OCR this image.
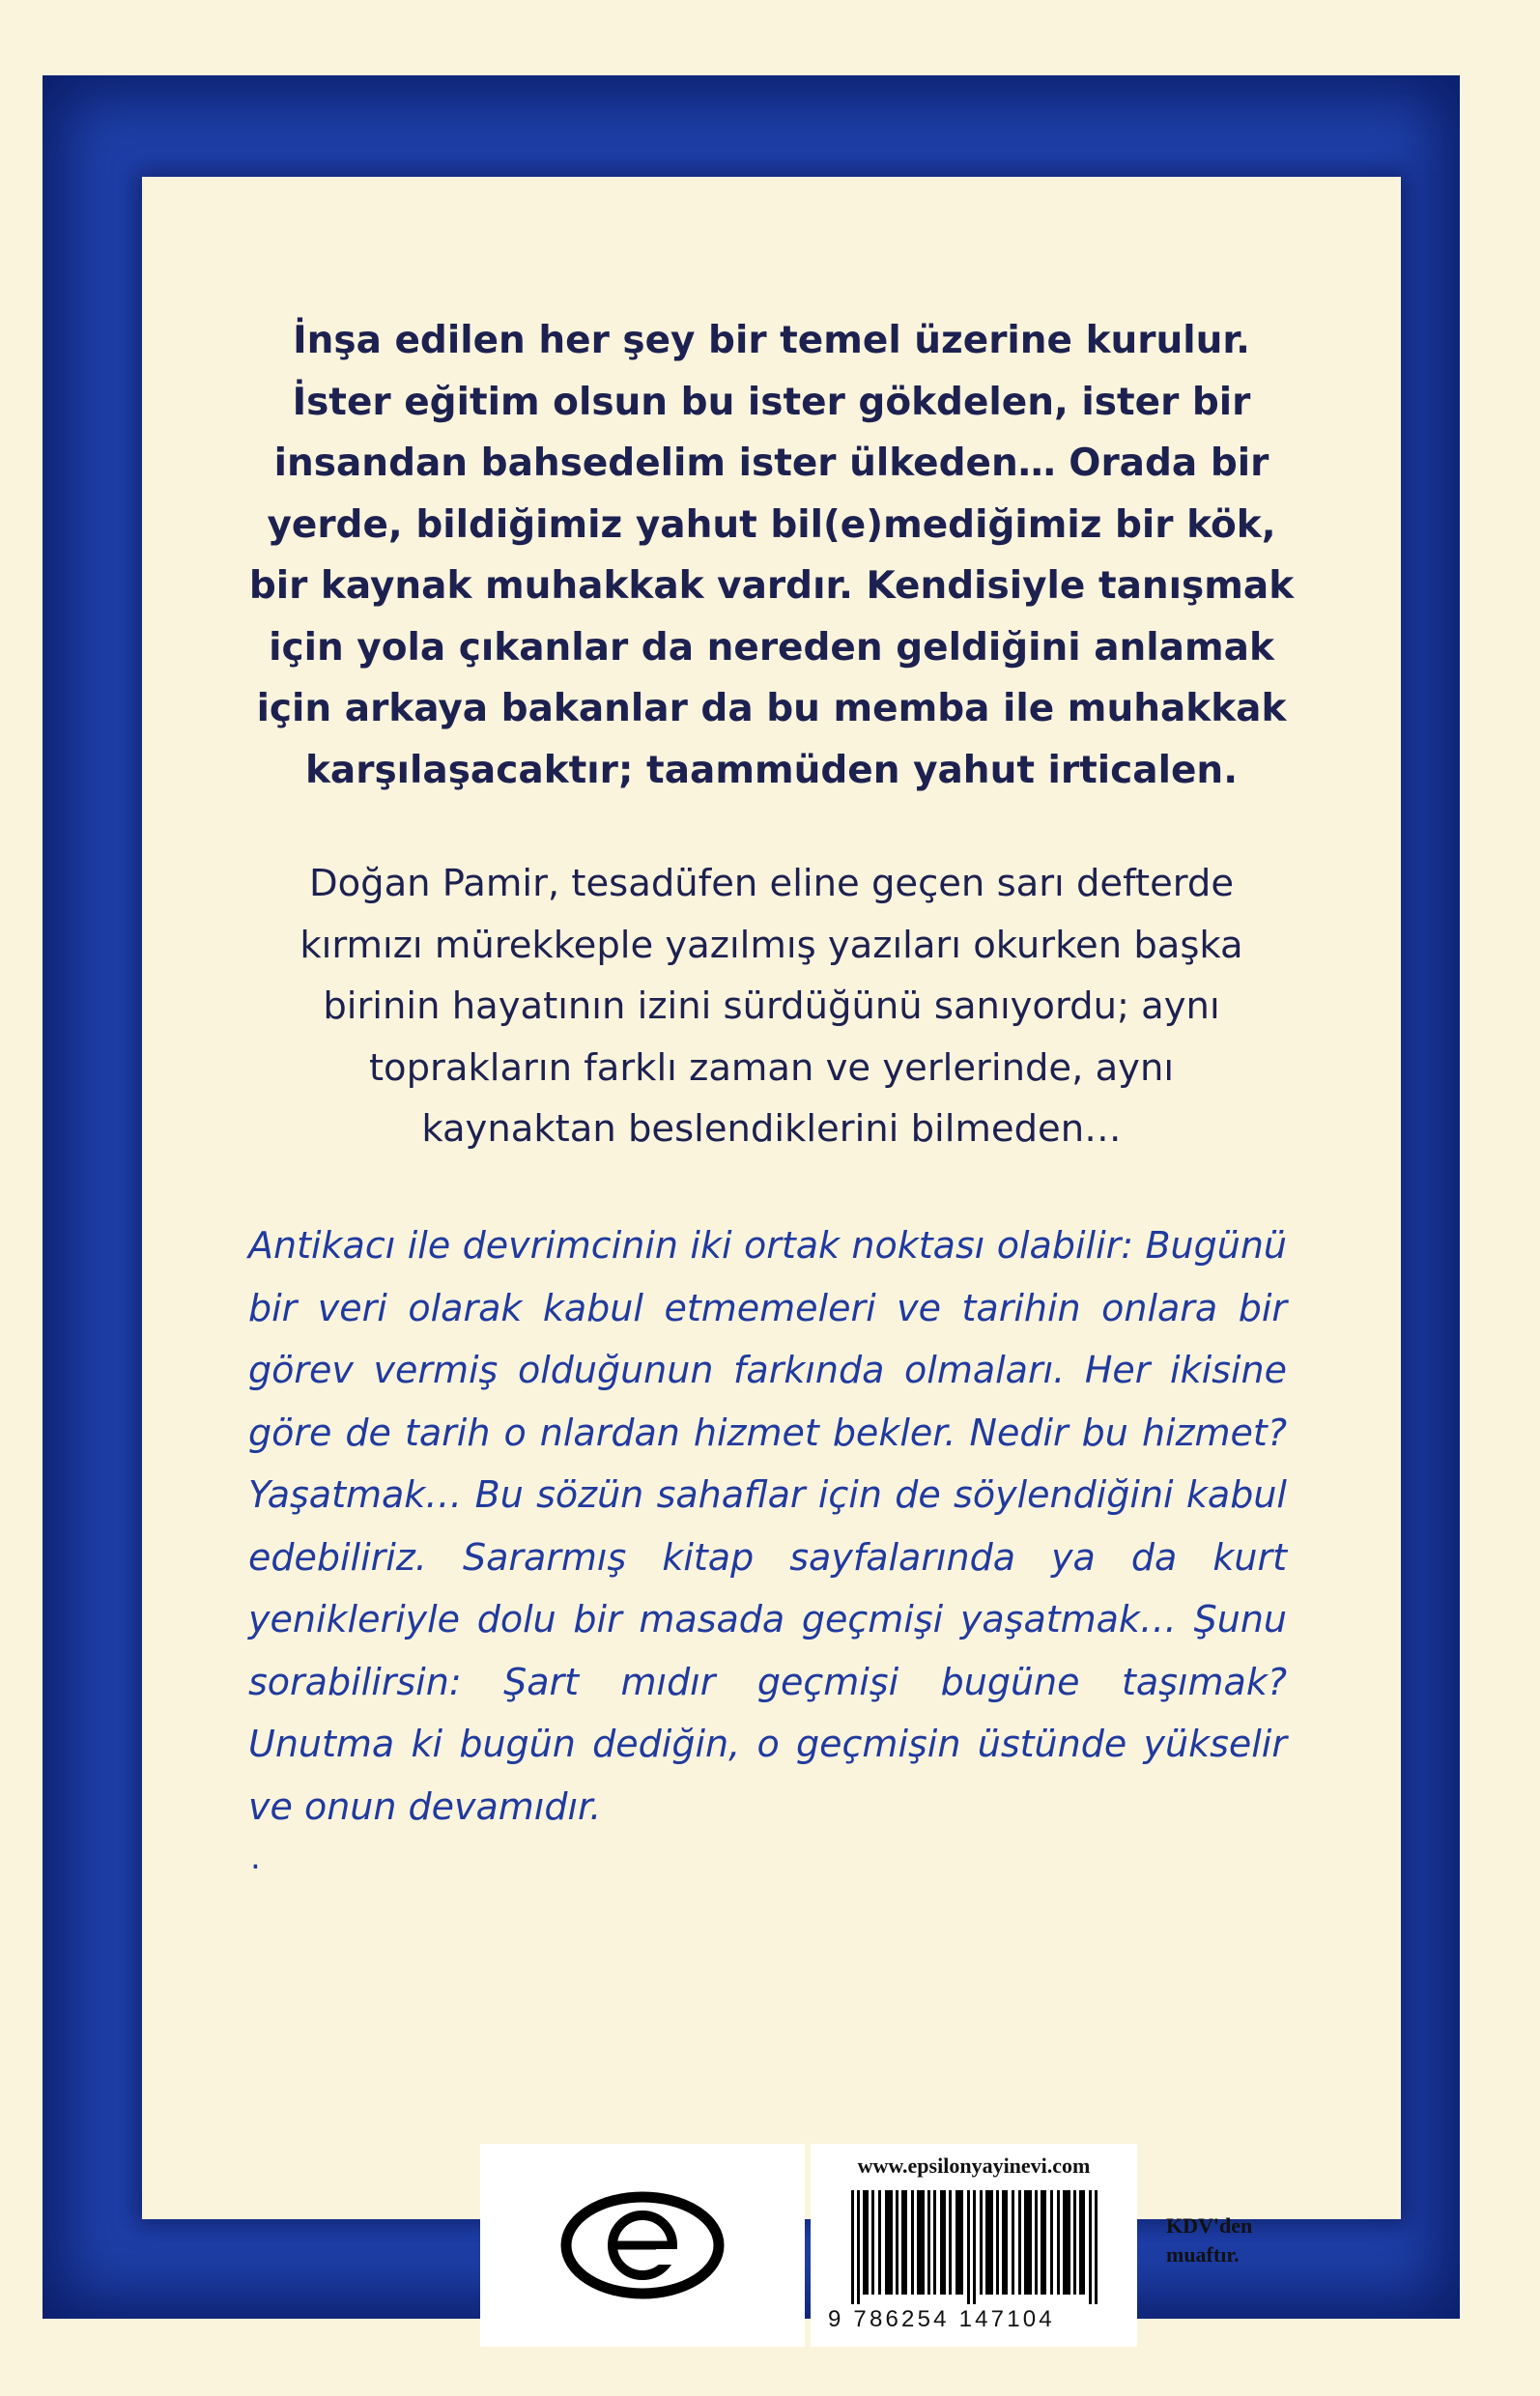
İnşa edilen her şey bir temel üzerine kurulur. İster eğitim olsun bu ister gökdelen, ister bir insandan bahsedelim ister ülkeden… Orada bir yerde, bildiğimiz yahut bil(e)mediğimiz bir kök, bir kaynak muhakkak vardır. Kendisiyle tanışmak için yola çıkanlar da nereden geldiğini anlamak için arkaya bakanlar da bu memba ile muhakkak karşılaşacaktır; taammüden yahut irticalen.

Doğan Pamir, tesadüfen eline geçen sarı defterde kırmızı mürekkeple yazılmış yazıları okurken başka birinin hayatının izini sürdüğünü sanıyordu; aynı toprakların farklı zaman ve yerlerinde, aynı kaynaktan beslendiklerini bilmeden…

Antikacı ile devrimcinin iki ortak noktası olabilir: Bugünü bir veri olarak kabul etmemeleri ve tarihin onlara bir görev vermiş olduğunun farkında olmaları. Her ikisine göre de tarih o nlardan hizmet bekler. Nedir bu hizmet? Yaşatmak… Bu sözün sahaflar için de söylendiğini kabul edebiliriz. Sararmış kitap sayfalarında ya da kurt yenikleriyle dolu bir masada geçmişi yaşatmak… Şunu sorabilirsin: Şart mıdır geçmişi bugüne taşımak? Unutma ki bugün dediğin, o geçmişin üstünde yükselir ve onun devamıdır.

.
www.epsilonyayinevi.com
9 786254 147104
KDV'den
muaftır.
